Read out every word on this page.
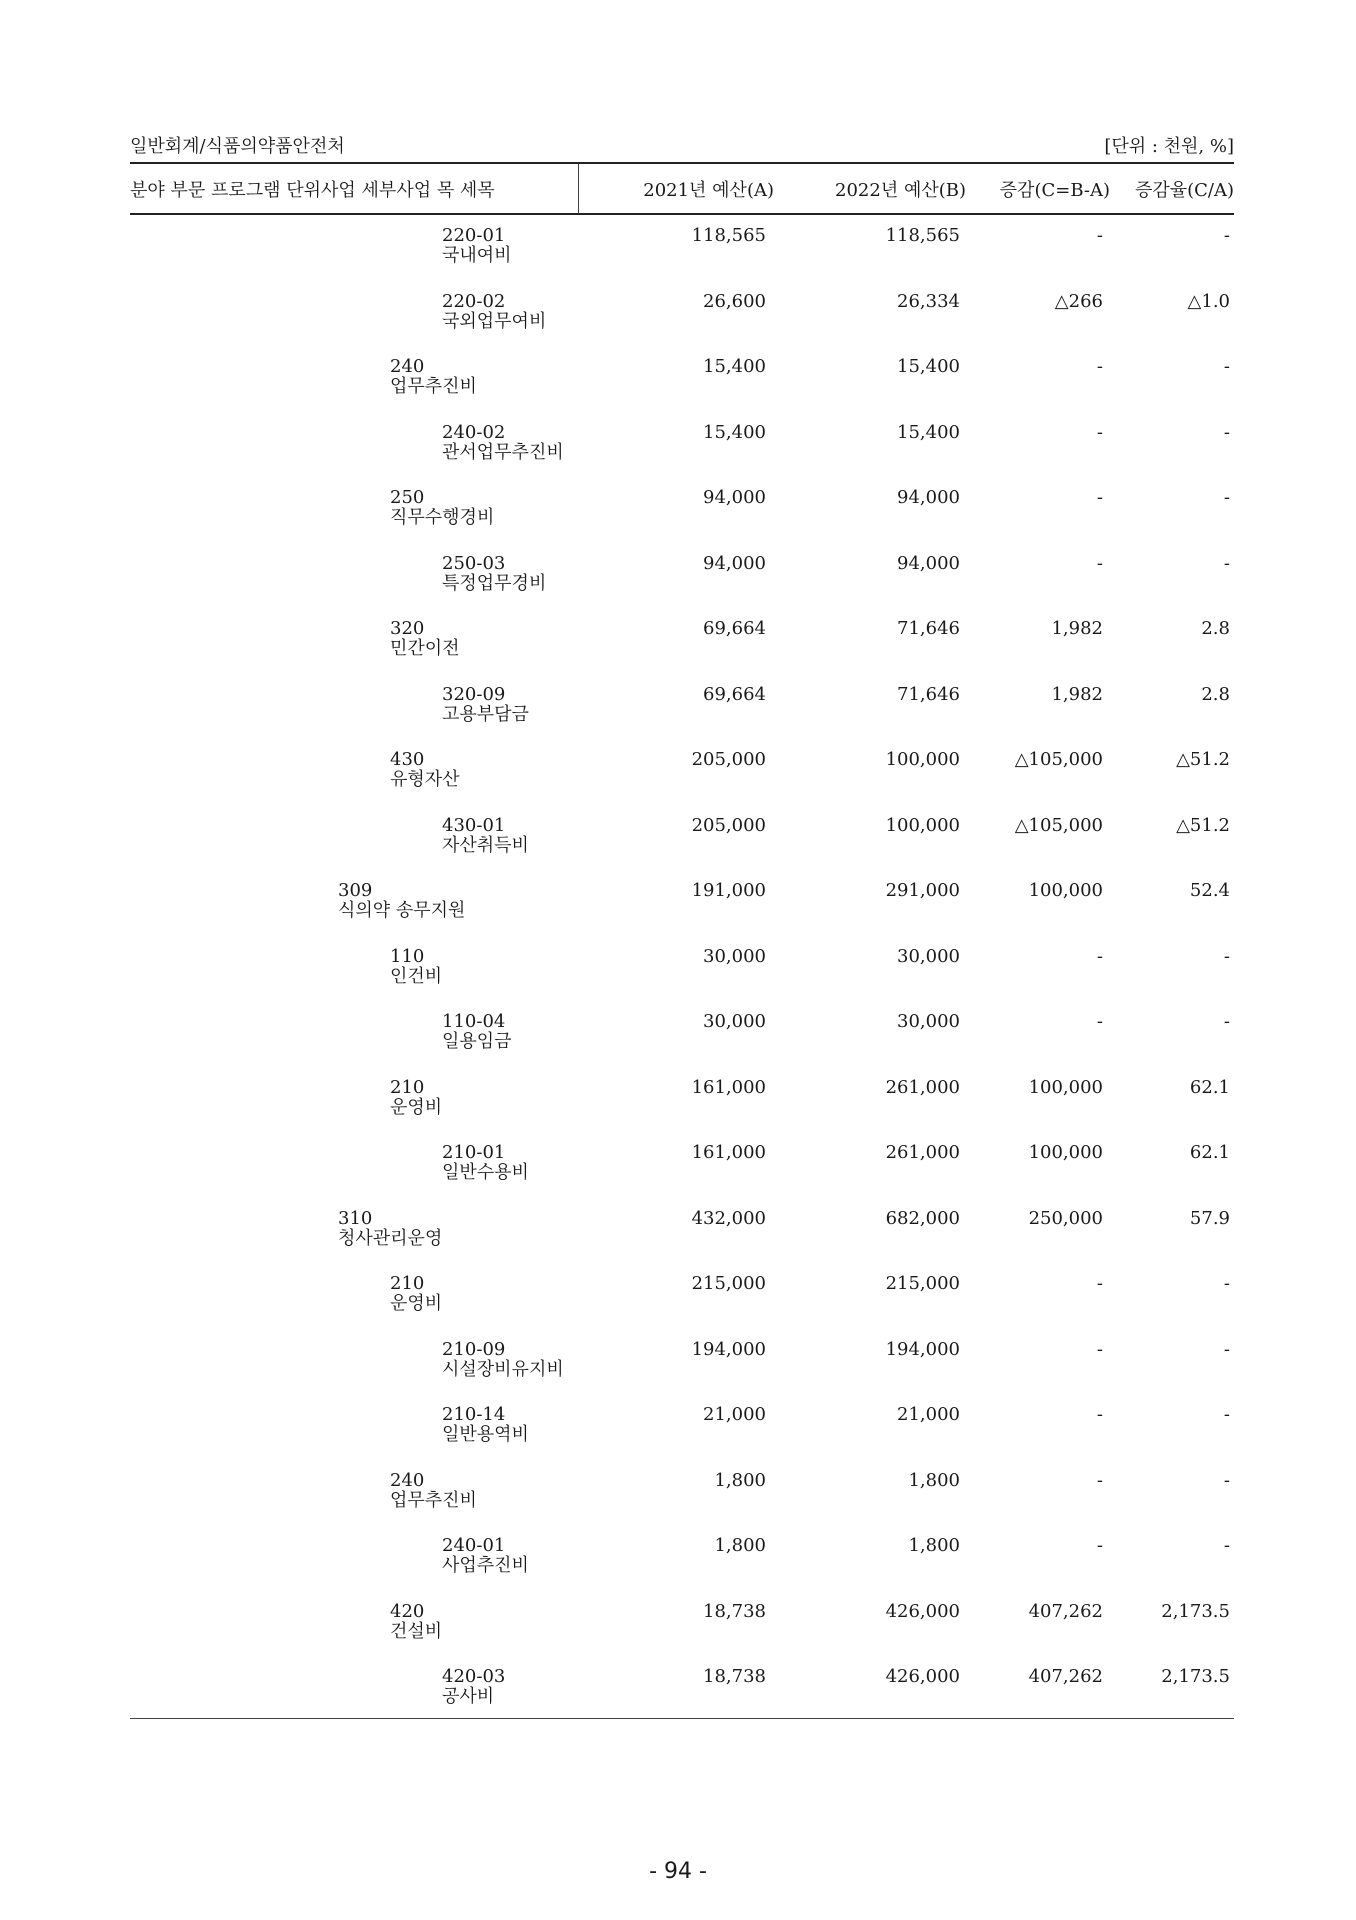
일반회계/식품의약품안전처	[단위 : 천원, %]
분야 부문 프로그램 단위사업 세부사업 목 세목	2021년 예산(A)	2022년 예산(B) 증감(C=B-A) 증감율(C/A)
220-01
국내여비
118,565	118,565	-	-
220-02
국외업무여비
26,600	26,334	△266	△1.0
240
업무추진비
15,400	15,400	-	-
240-02
관서업무추진비
15,400	15,400	-	-
250
직무수행경비
94,000	94,000	-	-
250-03
특정업무경비
94,000	94,000	-	-
320
민간이전
69,664	71,646	1,982	2.8
320-09
고용부담금
69,664	71,646	1,982	2.8
430
유형자산
205,000	100,000	△105,000	△51.2
430-01
자산취득비
205,000	100,000	△105,000	△51.2
309
식의약 송무지원
191,000	291,000	100,000	52.4
110
인건비
30,000	30,000	-	-
110-04
일용임금
30,000	30,000	-	-
210
운영비
161,000	261,000	100,000	62.1
210-01
일반수용비
161,000	261,000	100,000	62.1
310
청사관리운영
432,000	682,000	250,000	57.9
210
운영비
215,000	215,000	-	-
210-09
시설장비유지비
194,000	194,000	-	-
210-14
일반용역비
21,000	21,000	-	-
240
업무추진비
1,800	1,800	-	-
240-01
사업추진비
1,800	1,800	-	-
420
건설비
18,738	426,000	407,262	2,173.5
420-03
공사비
18,738	426,000	407,262	2,173.5
- 94 -
